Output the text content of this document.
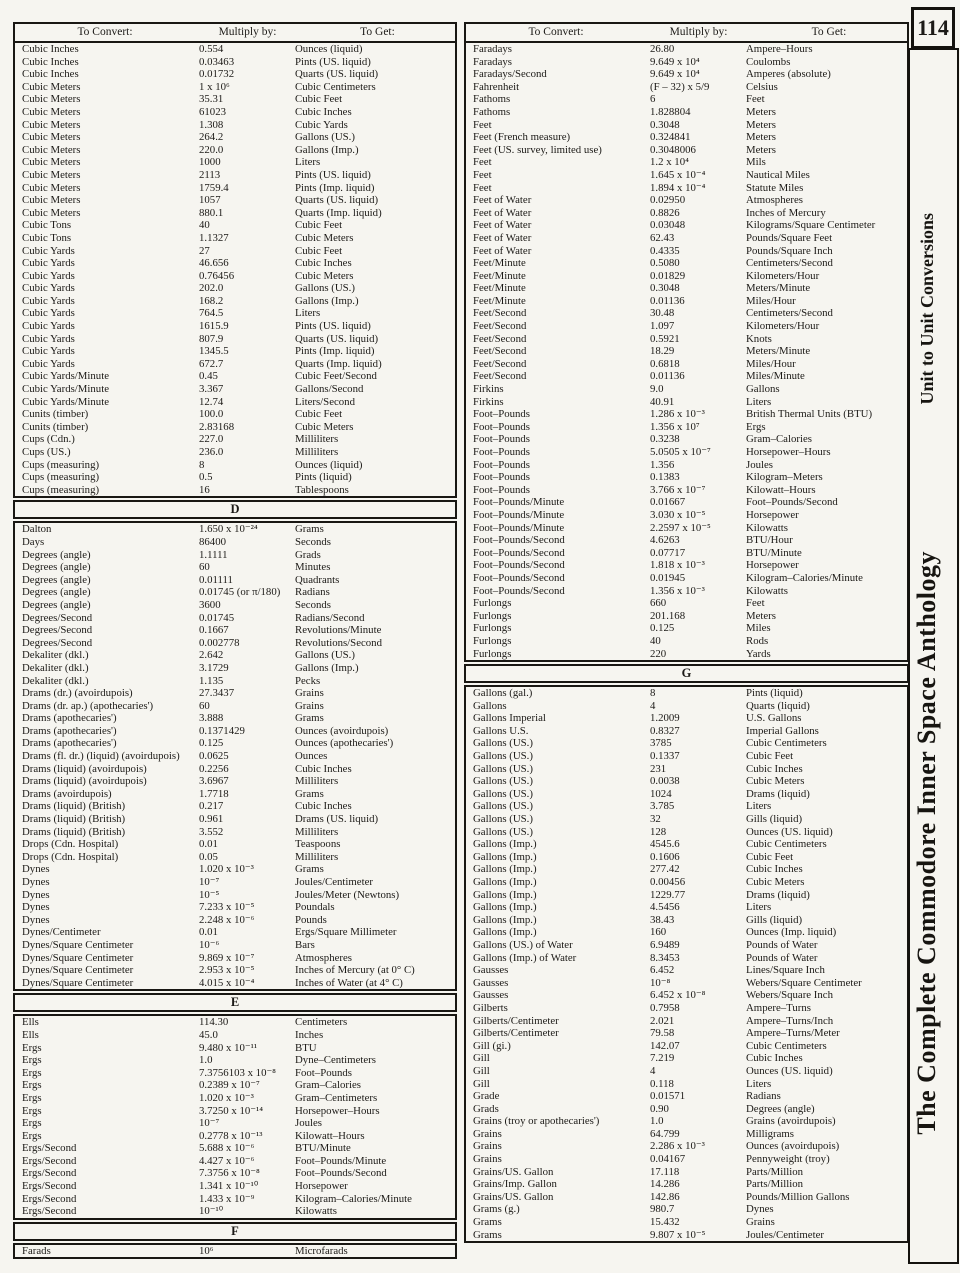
To Convert:	Multiply by:	To Get:
Cubic Inches	0.554	Ounces (liquid)
Cubic Inches	0.03463	Pints (US. liquid)
Cubic Inches	0.01732	Quarts (US. liquid)
Cubic Meters	1 x 10⁶	Cubic Centimeters
Cubic Meters	35.31	Cubic Feet
Cubic Meters	61023	Cubic Inches
Cubic Meters	1.308	Cubic Yards
Cubic Meters	264.2	Gallons (US.)
Cubic Meters	220.0	Gallons (Imp.)
Cubic Meters	1000	Liters
Cubic Meters	2113	Pints (US. liquid)
Cubic Meters	1759.4	Pints (Imp. liquid)
Cubic Meters	1057	Quarts (US. liquid)
Cubic Meters	880.1	Quarts (Imp. liquid)
Cubic Tons	40	Cubic Feet
Cubic Tons	1.1327	Cubic Meters
Cubic Yards	27	Cubic Feet
Cubic Yards	46.656	Cubic Inches
Cubic Yards	0.76456	Cubic Meters
Cubic Yards	202.0	Gallons (US.)
Cubic Yards	168.2	Gallons (Imp.)
Cubic Yards	764.5	Liters
Cubic Yards	1615.9	Pints (US. liquid)
Cubic Yards	807.9	Quarts (US. liquid)
Cubic Yards	1345.5	Pints (Imp. liquid)
Cubic Yards	672.7	Quarts (Imp. liquid)
Cubic Yards/Minute	0.45	Cubic Feet/Second
Cubic Yards/Minute	3.367	Gallons/Second
Cubic Yards/Minute	12.74	Liters/Second
Cunits (timber)	100.0	Cubic Feet
Cunits (timber)	2.83168	Cubic Meters
Cups (Cdn.)	227.0	Milliliters
Cups (US.)	236.0	Milliliters
Cups (measuring)	8	Ounces (liquid)
Cups (measuring)	0.5	Pints (liquid)
Cups (measuring)	16	Tablespoons
D
Dalton	1.650 x 10⁻²⁴	Grams
Days	86400	Seconds
Degrees (angle)	1.1111	Grads
Degrees (angle)	60	Minutes
Degrees (angle)	0.01111	Quadrants
Degrees (angle)	0.01745 (or π/180)	Radians
Degrees (angle)	3600	Seconds
Degrees/Second	0.01745	Radians/Second
Degrees/Second	0.1667	Revolutions/Minute
Degrees/Second	0.002778	Revolutions/Second
Dekaliter (dkl.)	2.642	Gallons (US.)
Dekaliter (dkl.)	3.1729	Gallons (Imp.)
Dekaliter (dkl.)	1.135	Pecks
Drams (dr.) (avoirdupois)	27.3437	Grains
Drams (dr. ap.) (apothecaries')	60	Grains
Drams (apothecaries')	3.888	Grams
Drams (apothecaries')	0.1371429	Ounces (avoirdupois)
Drams (apothecaries')	0.125	Ounces (apothecaries')
Drams (fl. dr.) (liquid) (avoirdupois)	0.0625	Ounces
Drams (liquid) (avoirdupois)	0.2256	Cubic Inches
Drams (liquid) (avoirdupois)	3.6967	Milliliters
Drams (avoirdupois)	1.7718	Grams
Drams (liquid) (British)	0.217	Cubic Inches
Drams (liquid) (British)	0.961	Drams (US. liquid)
Drams (liquid) (British)	3.552	Milliliters
Drops (Cdn. Hospital)	0.01	Teaspoons
Drops (Cdn. Hospital)	0.05	Milliliters
Dynes	1.020 x 10⁻³	Grams
Dynes	10⁻⁷	Joules/Centimeter
Dynes	10⁻⁵	Joules/Meter (Newtons)
Dynes	7.233 x 10⁻⁵	Poundals
Dynes	2.248 x 10⁻⁶	Pounds
Dynes/Centimeter	0.01	Ergs/Square Millimeter
Dynes/Square Centimeter	10⁻⁶	Bars
Dynes/Square Centimeter	9.869 x 10⁻⁷	Atmospheres
Dynes/Square Centimeter	2.953 x 10⁻⁵	Inches of Mercury (at 0° C)
Dynes/Square Centimeter	4.015 x 10⁻⁴	Inches of Water (at 4° C)
E
Ells	114.30	Centimeters
Ells	45.0	Inches
Ergs	9.480 x 10⁻¹¹	BTU
Ergs	1.0	Dyne–Centimeters
Ergs	7.3756103 x 10⁻⁸	Foot–Pounds
Ergs	0.2389 x 10⁻⁷	Gram–Calories
Ergs	1.020 x 10⁻³	Gram–Centimeters
Ergs	3.7250 x 10⁻¹⁴	Horsepower–Hours
Ergs	10⁻⁷	Joules
Ergs	0.2778 x 10⁻¹³	Kilowatt–Hours
Ergs/Second	5.688 x 10⁻⁶	BTU/Minute
Ergs/Second	4.427 x 10⁻⁶	Foot–Pounds/Minute
Ergs/Second	7.3756 x 10⁻⁸	Foot–Pounds/Second
Ergs/Second	1.341 x 10⁻¹⁰	Horsepower
Ergs/Second	1.433 x 10⁻⁹	Kilogram–Calories/Minute
Ergs/Second	10⁻¹⁰	Kilowatts
F
Farads	10⁶	Microfarads
To Convert:	Multiply by:	To Get:
Faradays	26.80	Ampere–Hours
Faradays	9.649 x 10⁴	Coulombs
Faradays/Second	9.649 x 10⁴	Amperes (absolute)
Fahrenheit	(F – 32) x 5/9	Celsius
Fathoms	6	Feet
Fathoms	1.828804	Meters
Feet	0.3048	Meters
Feet (French measure)	0.324841	Meters
Feet (US. survey, limited use)	0.3048006	Meters
Feet	1.2 x 10⁴	Mils
Feet	1.645 x 10⁻⁴	Nautical Miles
Feet	1.894 x 10⁻⁴	Statute Miles
Feet of Water	0.02950	Atmospheres
Feet of Water	0.8826	Inches of Mercury
Feet of Water	0.03048	Kilograms/Square Centimeter
Feet of Water	62.43	Pounds/Square Feet
Feet of Water	0.4335	Pounds/Square Inch
Feet/Minute	0.5080	Centimeters/Second
Feet/Minute	0.01829	Kilometers/Hour
Feet/Minute	0.3048	Meters/Minute
Feet/Minute	0.01136	Miles/Hour
Feet/Second	30.48	Centimeters/Second
Feet/Second	1.097	Kilometers/Hour
Feet/Second	0.5921	Knots
Feet/Second	18.29	Meters/Minute
Feet/Second	0.6818	Miles/Hour
Feet/Second	0.01136	Miles/Minute
Firkins	9.0	Gallons
Firkins	40.91	Liters
Foot–Pounds	1.286 x 10⁻³	British Thermal Units (BTU)
Foot–Pounds	1.356 x 10⁷	Ergs
Foot–Pounds	0.3238	Gram–Calories
Foot–Pounds	5.0505 x 10⁻⁷	Horsepower–Hours
Foot–Pounds	1.356	Joules
Foot–Pounds	0.1383	Kilogram–Meters
Foot–Pounds	3.766 x 10⁻⁷	Kilowatt–Hours
Foot–Pounds/Minute	0.01667	Foot–Pounds/Second
Foot–Pounds/Minute	3.030 x 10⁻⁵	Horsepower
Foot–Pounds/Minute	2.2597 x 10⁻⁵	Kilowatts
Foot–Pounds/Second	4.6263	BTU/Hour
Foot–Pounds/Second	0.07717	BTU/Minute
Foot–Pounds/Second	1.818 x 10⁻³	Horsepower
Foot–Pounds/Second	0.01945	Kilogram–Calories/Minute
Foot–Pounds/Second	1.356 x 10⁻³	Kilowatts
Furlongs	660	Feet
Furlongs	201.168	Meters
Furlongs	0.125	Miles
Furlongs	40	Rods
Furlongs	220	Yards
G
Gallons (gal.)	8	Pints (liquid)
Gallons	4	Quarts (liquid)
Gallons Imperial	1.2009	U.S. Gallons
Gallons U.S.	0.8327	Imperial Gallons
Gallons (US.)	3785	Cubic Centimeters
Gallons (US.)	0.1337	Cubic Feet
Gallons (US.)	231	Cubic Inches
Gallons (US.)	0.0038	Cubic Meters
Gallons (US.)	1024	Drams (liquid)
Gallons (US.)	3.785	Liters
Gallons (US.)	32	Gills (liquid)
Gallons (US.)	128	Ounces (US. liquid)
Gallons (Imp.)	4545.6	Cubic Centimeters
Gallons (Imp.)	0.1606	Cubic Feet
Gallons (Imp.)	277.42	Cubic Inches
Gallons (Imp.)	0.00456	Cubic Meters
Gallons (Imp.)	1229.77	Drams (liquid)
Gallons (Imp.)	4.5456	Liters
Gallons (Imp.)	38.43	Gills (liquid)
Gallons (Imp.)	160	Ounces (Imp. liquid)
Gallons (US.) of Water	6.9489	Pounds of Water
Gallons (Imp.) of Water	8.3453	Pounds of Water
Gausses	6.452	Lines/Square Inch
Gausses	10⁻⁸	Webers/Square Centimeter
Gausses	6.452 x 10⁻⁸	Webers/Square Inch
Gilberts	0.7958	Ampere–Turns
Gilberts/Centimeter	2.021	Ampere–Turns/Inch
Gilberts/Centimeter	79.58	Ampere–Turns/Meter
Gill (gi.)	142.07	Cubic Centimeters
Gill	7.219	Cubic Inches
Gill	4	Ounces (US. liquid)
Gill	0.118	Liters
Grade	0.01571	Radians
Grads	0.90	Degrees (angle)
Grains (troy or apothecaries')	1.0	Grains (avoirdupois)
Grains	64.799	Milligrams
Grains	2.286 x 10⁻³	Ounces (avoirdupois)
Grains	0.04167	Pennyweight (troy)
Grains/US. Gallon	17.118	Parts/Million
Grains/Imp. Gallon	14.286	Parts/Million
Grains/US. Gallon	142.86	Pounds/Million Gallons
Grams (g.)	980.7	Dynes
Grams	15.432	Grains
Grams	9.807 x 10⁻⁵	Joules/Centimeter
114
Unit to Unit Conversions
The Complete Commodore Inner Space Anthology
